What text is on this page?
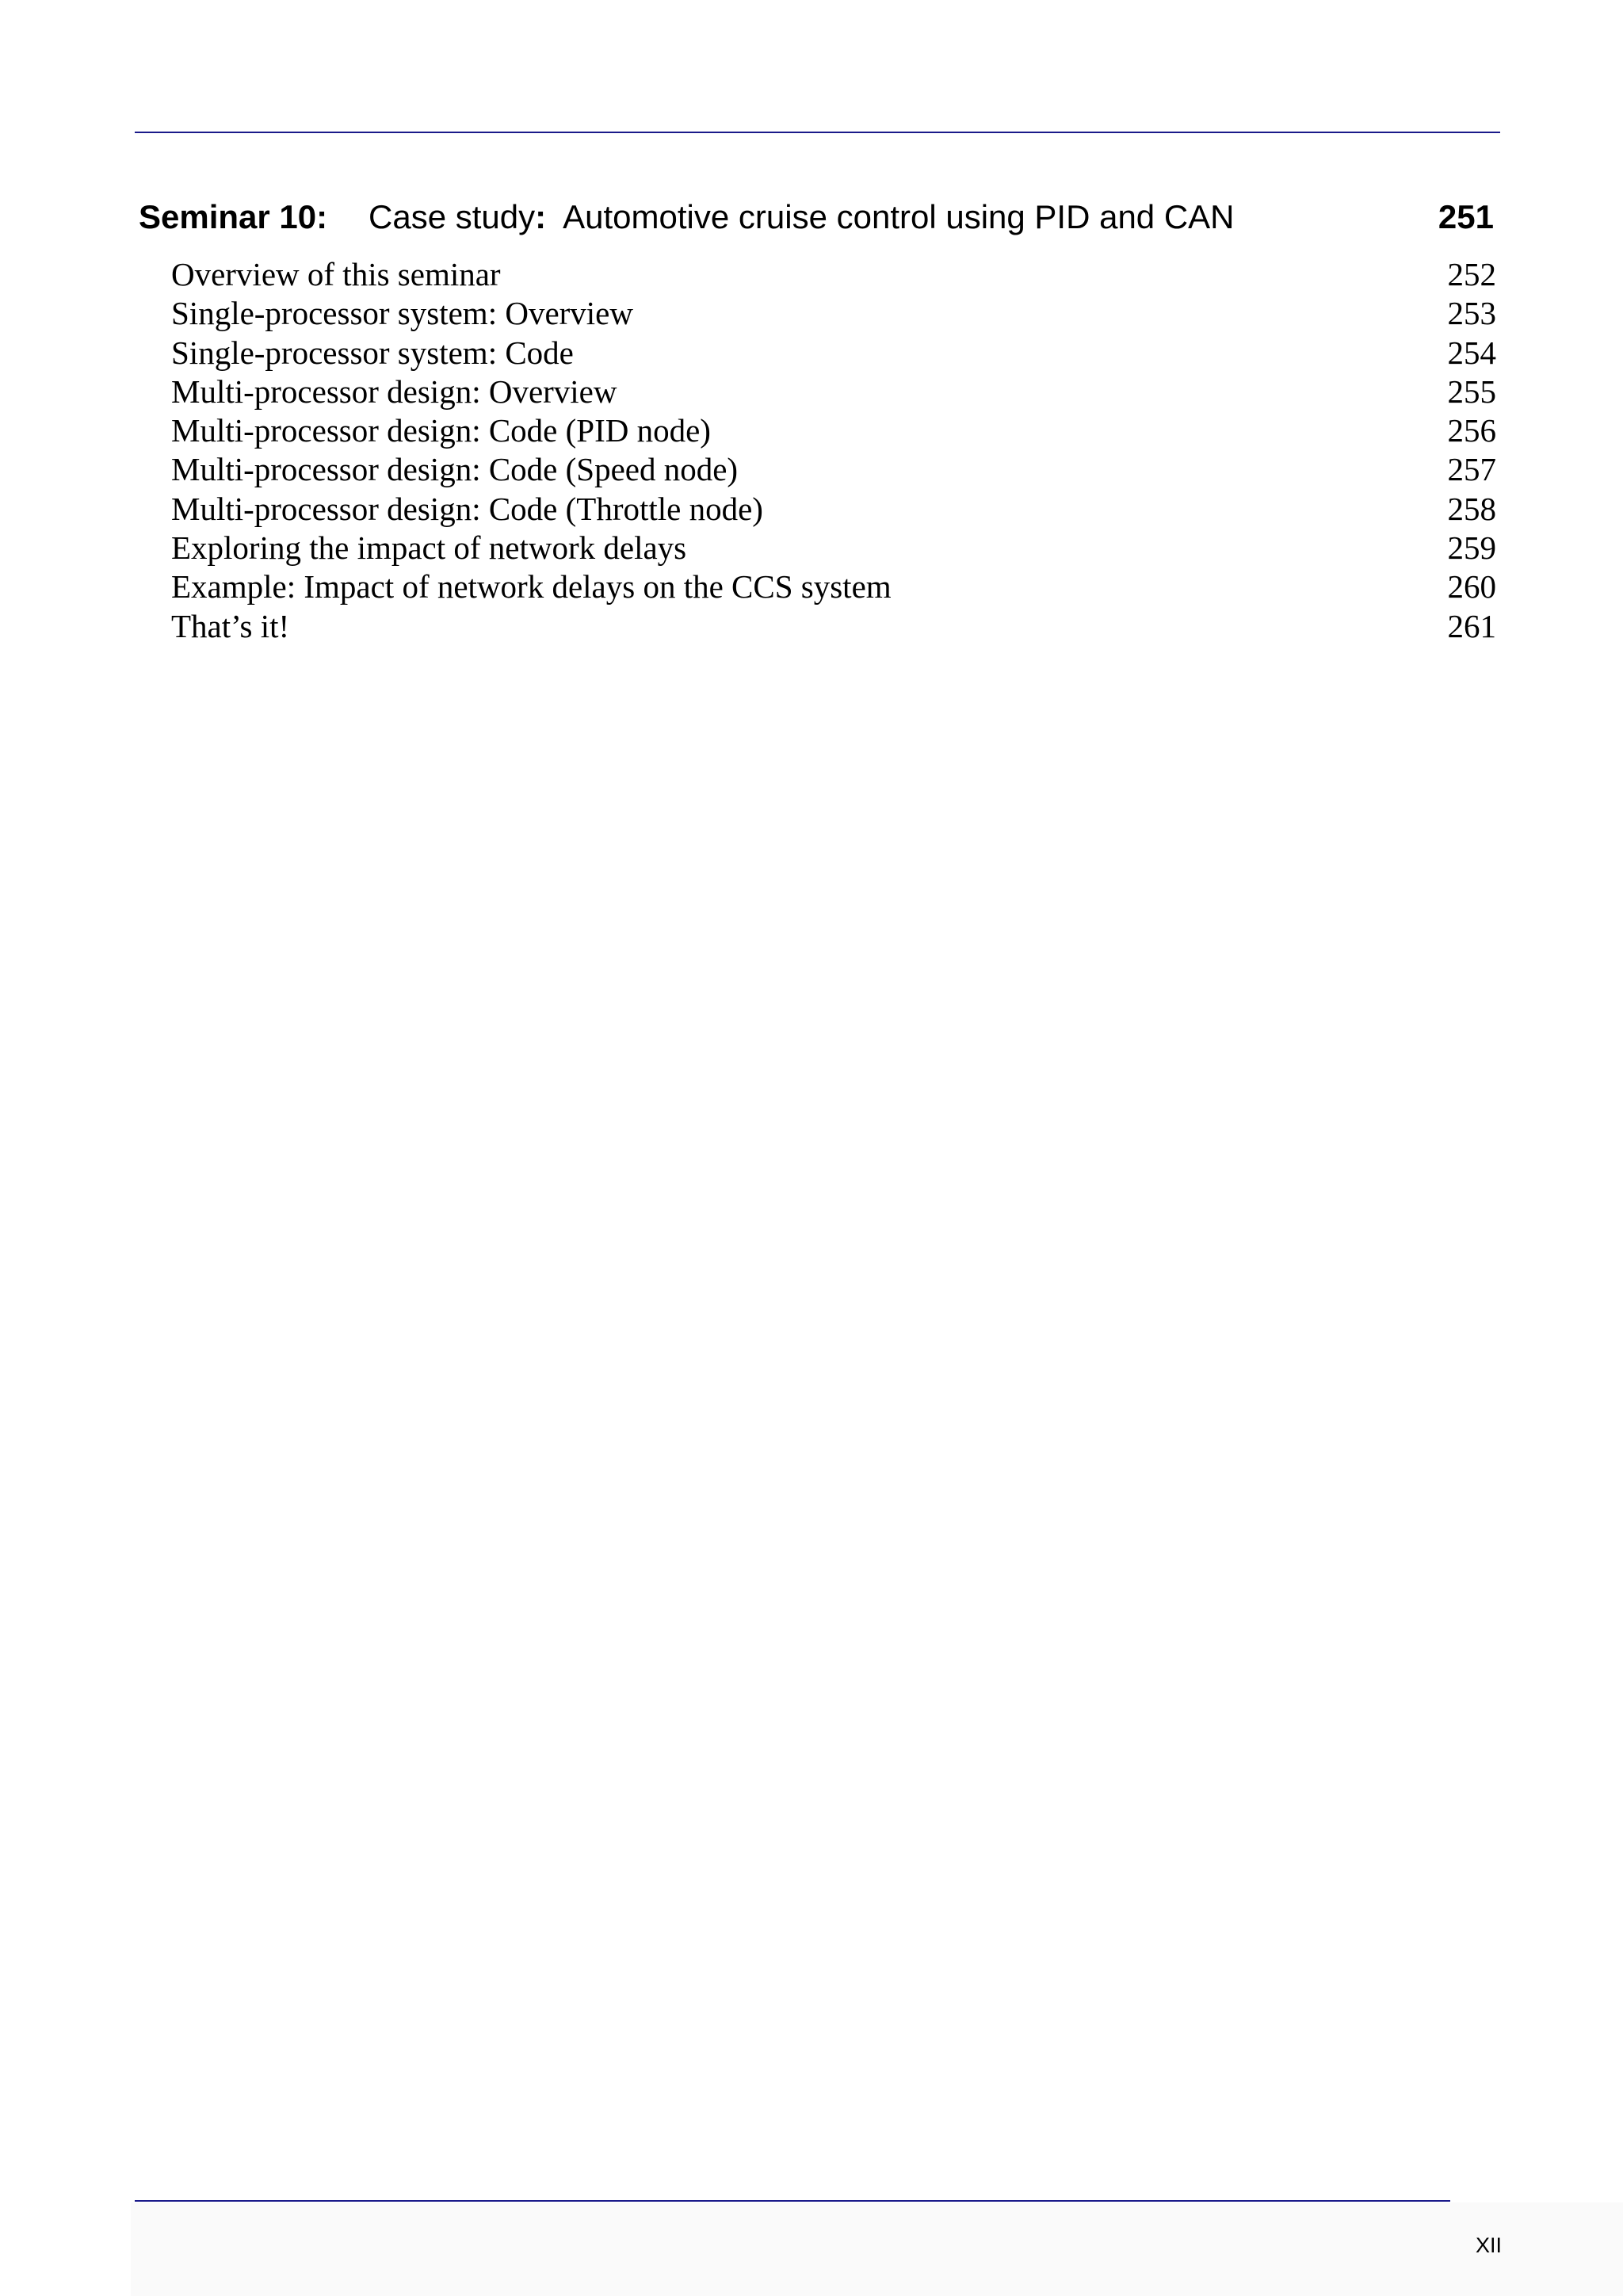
Seminar 10: Case study:  Automotive cruise control using PID and CAN	251
Overview of this seminar	252
Single-processor system: Overview	253
Single-processor system: Code	254
Multi-processor design: Overview	255
Multi-processor design: Code (PID node)	256
Multi-processor design: Code (Speed node)	257
Multi-processor design: Code (Throttle node)	258
Exploring the impact of network delays	259
Example: Impact of network delays on the CCS system	260
That’s it!	261
XII
